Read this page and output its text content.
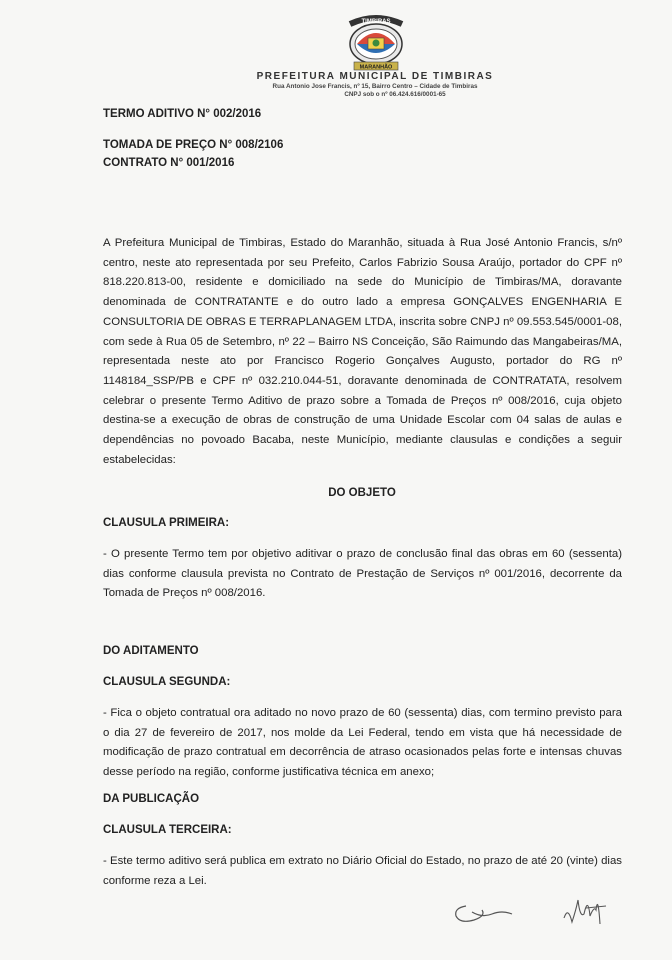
TIMBIRAS
MARANHÃO
PREFEITURA MUNICIPAL DE TIMBIRAS
Rua Antonio Jose Francis, nº 15, Bairro Centro – Cidade de Timbiras
CNPJ sob o nº 06.424.616/0001-65
TERMO ADITIVO N° 002/2016
TOMADA DE PREÇO N° 008/2106
CONTRATO N° 001/2016
A Prefeitura Municipal de Timbiras, Estado do Maranhão, situada à Rua José Antonio Francis, s/nº centro, neste ato representada por seu Prefeito, Carlos Fabrizio Sousa Araújo, portador do CPF nº 818.220.813-00, residente e domiciliado na sede do Município de Timbiras/MA, doravante denominada de CONTRATANTE e do outro lado a empresa GONÇALVES ENGENHARIA E CONSULTORIA DE OBRAS E TERRAPLANAGEM LTDA, inscrita sobre CNPJ nº 09.553.545/0001-08, com sede à Rua 05 de Setembro, nº 22 – Bairro NS Conceição, São Raimundo das Mangabeiras/MA, representada neste ato por Francisco Rogerio Gonçalves Augusto, portador do RG nº 1148184_SSP/PB e CPF nº 032.210.044-51, doravante denominada de CONTRATATA, resolvem celebrar o presente Termo Aditivo de prazo sobre a Tomada de Preços nº 008/2016, cuja objeto destina-se a execução de obras de construção de uma Unidade Escolar com 04 salas de aulas e dependências no povoado Bacaba, neste Município, mediante clausulas e condições a seguir estabelecidas:
DO OBJETO
CLAUSULA PRIMEIRA:
- O presente Termo tem por objetivo aditivar o prazo de conclusão final das obras em 60 (sessenta) dias conforme clausula prevista no Contrato de Prestação de Serviços nº 001/2016, decorrente da Tomada de Preços nº 008/2016.
DO ADITAMENTO
CLAUSULA SEGUNDA:
- Fica o objeto contratual ora aditado no novo prazo de 60 (sessenta) dias, com termino previsto para o dia 27 de fevereiro de 2017, nos molde da Lei Federal, tendo em vista que há necessidade de modificação de prazo contratual em decorrência de atraso ocasionados pelas forte e intensas chuvas desse período na região, conforme justificativa técnica em anexo;
DA PUBLICAÇÃO
CLAUSULA TERCEIRA:
- Este termo aditivo será publica em extrato no Diário Oficial do Estado, no prazo de até 20 (vinte) dias conforme reza a Lei.
